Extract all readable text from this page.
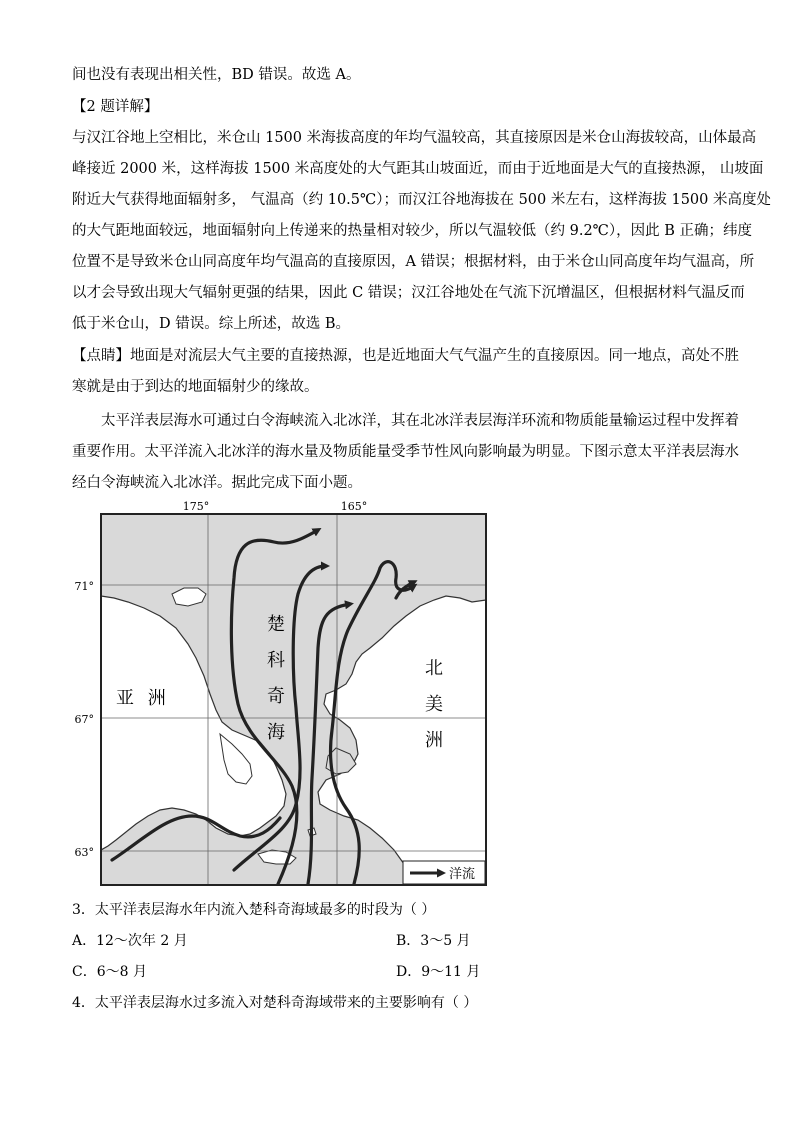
间也没有表现出相关性，BD 错误。故选 A。
【2 题详解】
与汉江谷地上空相比，米仓山 1500 米海拔高度的年均气温较高，其直接原因是米仓山海拔较高，山体最高
峰接近 2000 米，这样海拔 1500 米高度处的大气距其山坡面近，而由于近地面是大气的直接热源， 山坡面
附近大气获得地面辐射多， 气温高（约 10.5℃）；而汉江谷地海拔在 500 米左右，这样海拔 1500 米高度处
的大气距地面较远，地面辐射向上传递来的热量相对较少，所以气温较低（约 9.2℃），因此 B 正确；纬度
位置不是导致米仓山同高度年均气温高的直接原因，A 错误；根据材料，由于米仓山同高度年均气温高，所
以才会导致出现大气辐射更强的结果，因此 C 错误；汉江谷地处在气流下沉增温区，但根据材料气温反而
低于米仓山，D 错误。综上所述，故选 B。
【点睛】地面是对流层大气主要的直接热源，也是近地面大气气温产生的直接原因。同一地点，高处不胜
寒就是由于到达的地面辐射少的缘故。
太平洋表层海水可通过白令海峡流入北冰洋，其在北冰洋表层海洋环流和物质能量输运过程中发挥着
重要作用。太平洋流入北冰洋的海水量及物质能量受季节性风向影响最为明显。下图示意太平洋表层海水
经白令海峡流入北冰洋。据此完成下面小题。
175°	165°
71°
67°
63°
亚 洲
楚
科
奇
海
北
美
洲
洋流
3．太平洋表层海水年内流入楚科奇海域最多的时段为（ ）
A．12～次年 2 月	B．3～5 月
C．6～8 月	D．9～11 月
4．太平洋表层海水过多流入对楚科奇海域带来的主要影响有（ ）
